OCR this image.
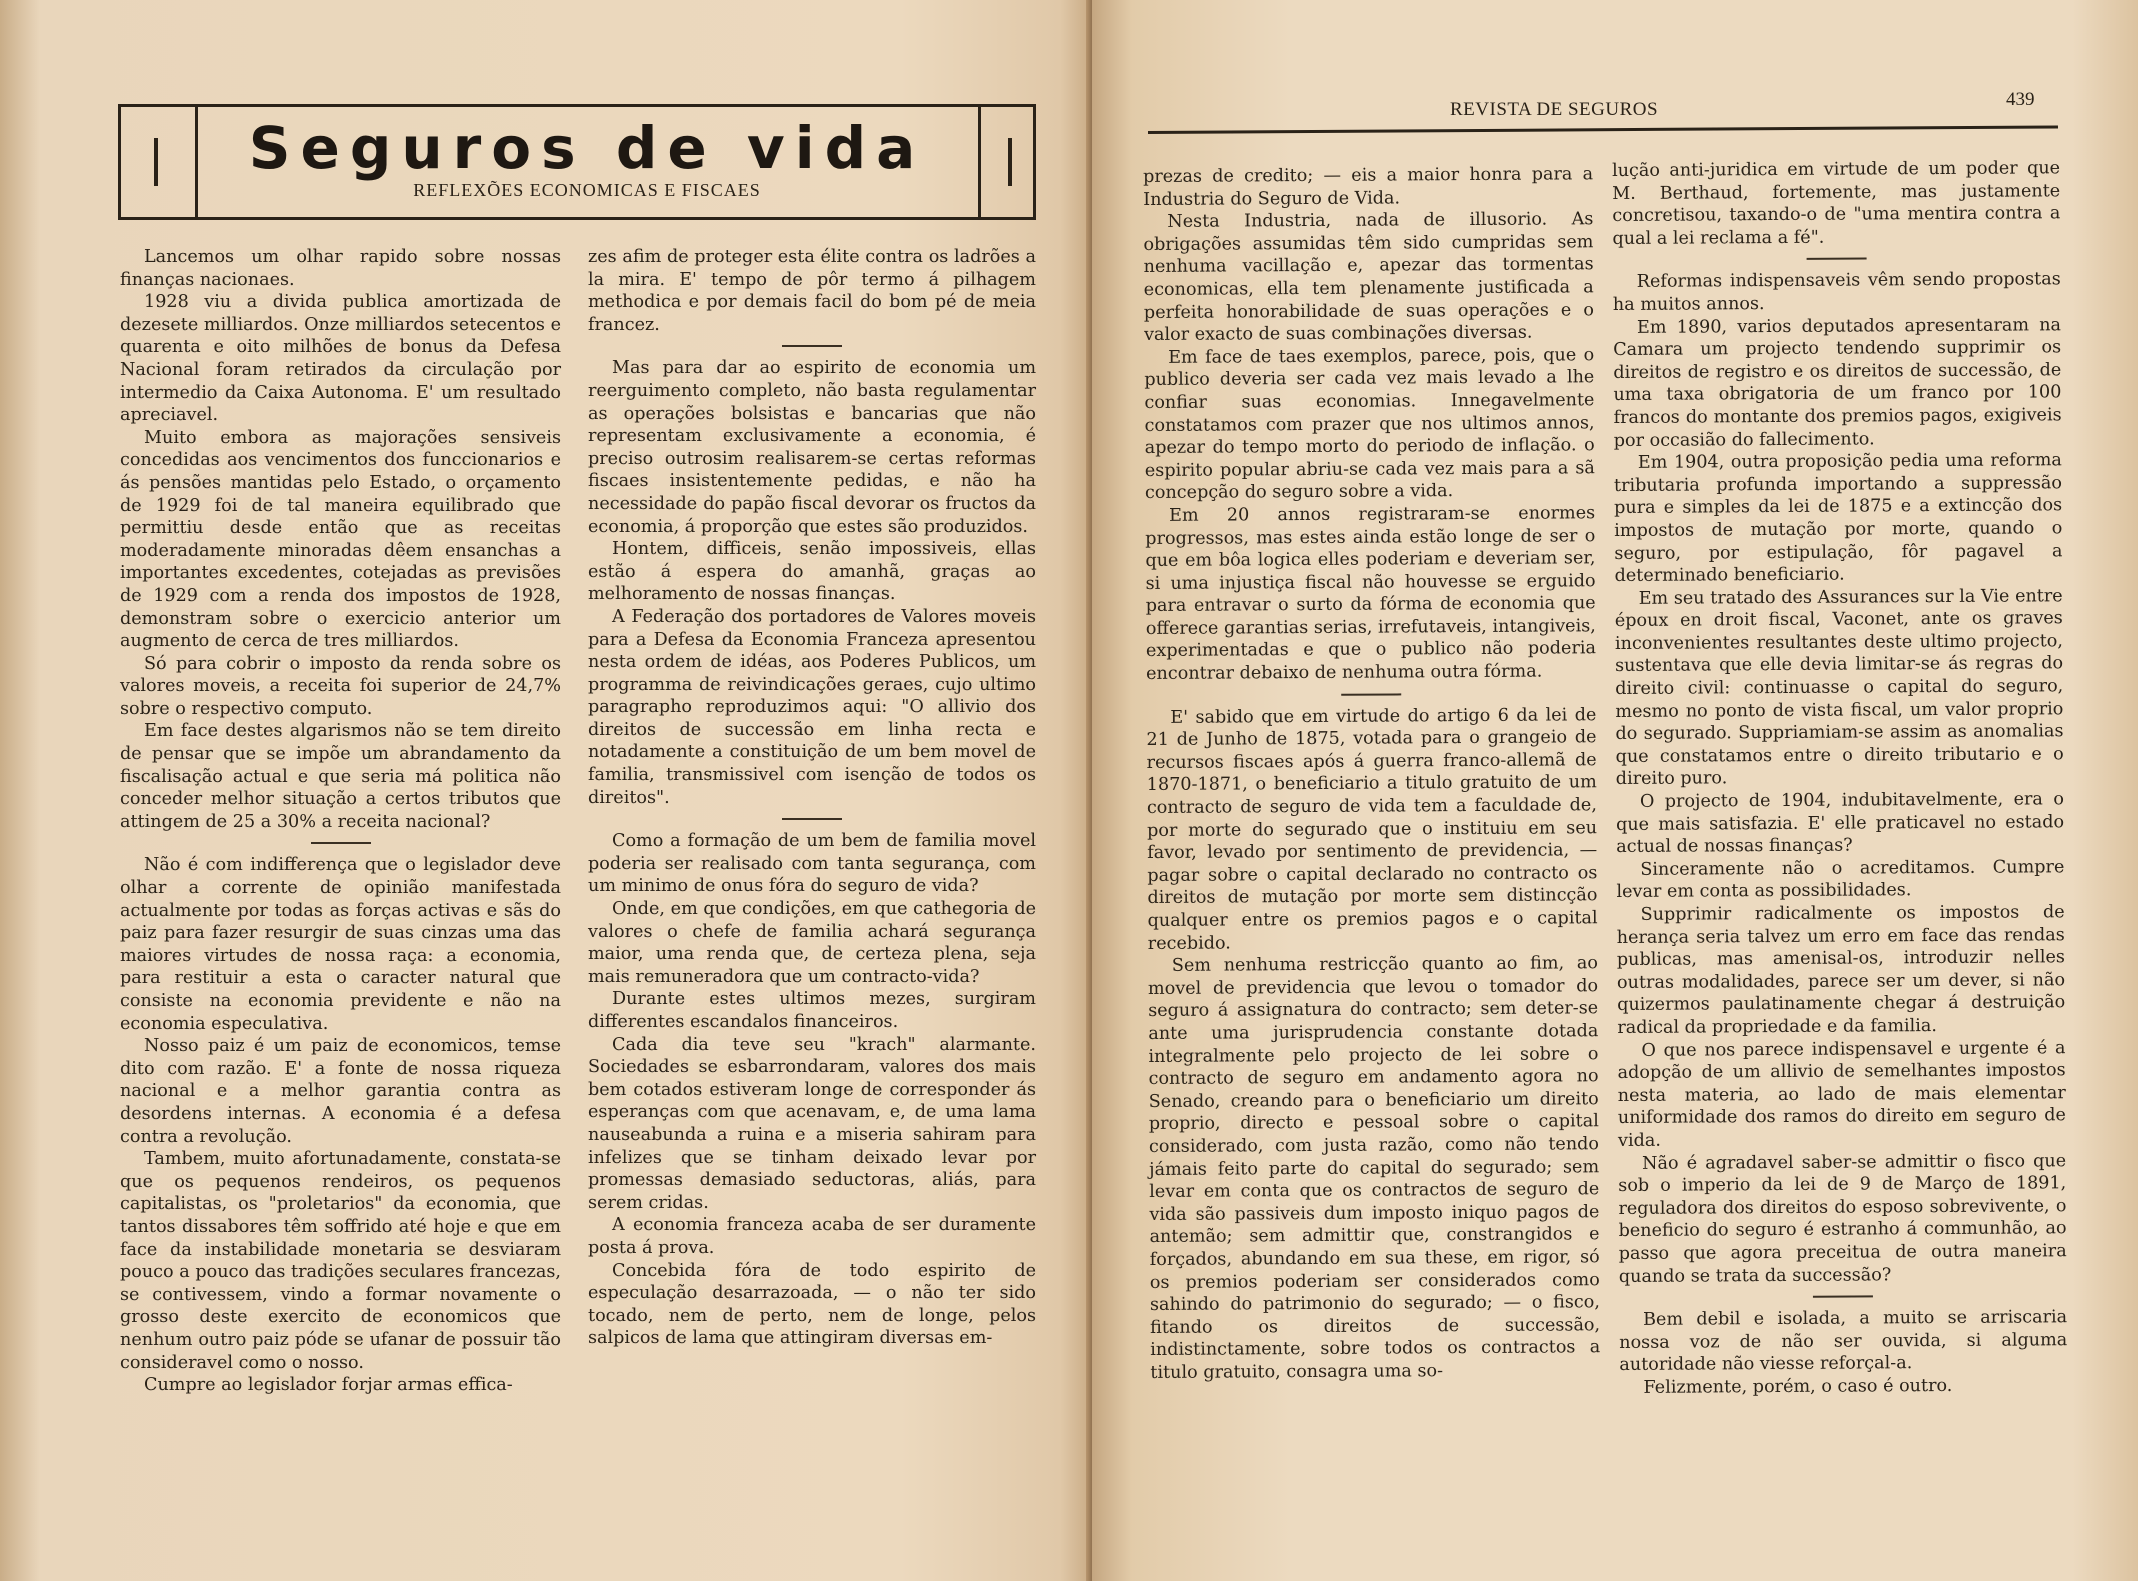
Seguros de vida
REFLEXÕES ECONOMICAS E FISCAES

Lancemos um olhar rapido sobre nossas finanças nacionaes.

1928 viu a divida publica amortizada de dezesete milliardos. Onze milliardos setecentos e quarenta e oito milhões de bonus da Defesa Nacional foram retirados da circulação por intermedio da Caixa Autonoma. E' um resultado apreciavel.

Muito embora as majorações sensiveis concedidas aos vencimentos dos funccionarios e ás pensões mantidas pelo Estado, o orçamento de 1929 foi de tal maneira equilibrado que permittiu desde então que as receitas moderadamente minoradas dêem ensanchas a importantes excedentes, cotejadas as previsões de 1929 com a renda dos impostos de 1928, demonstram sobre o exercicio anterior um augmento de cerca de tres milliardos.

Só para cobrir o imposto da renda sobre os valores moveis, a receita foi superior de 24,7% sobre o respectivo computo.

Em face destes algarismos não se tem direito de pensar que se impõe um abrandamento da fiscalisação actual e que seria má politica não conceder melhor situação a certos tributos que attingem de 25 a 30% a receita nacional?

Não é com indifferença que o legislador deve olhar a corrente de opinião manifestada actualmente por todas as forças activas e sãs do paiz para fazer resurgir de suas cinzas uma das maiores virtudes de nossa raça: a economia, para restituir a esta o caracter natural que consiste na economia previdente e não na economia especulativa.

Nosso paiz é um paiz de economicos, temse dito com razão. E' a fonte de nossa riqueza nacional e a melhor garantia contra as desordens internas. A economia é a defesa contra a revolução.

Tambem, muito afortunadamente, constata-se que os pequenos rendeiros, os pequenos capitalistas, os "proletarios" da economia, que tantos dissabores têm soffrido até hoje e que em face da instabilidade monetaria se desviaram pouco a pouco das tradições seculares francezas, se contivessem, vindo a formar novamente o grosso deste exercito de economicos que nenhum outro paiz póde se ufanar de possuir tão consideravel como o nosso.

Cumpre ao legislador forjar armas effica-

zes afim de proteger esta élite contra os ladrões a la mira. E' tempo de pôr termo á pilhagem methodica e por demais facil do bom pé de meia francez.

Mas para dar ao espirito de economia um reerguimento completo, não basta regulamentar as operações bolsistas e bancarias que não representam exclusivamente a economia, é preciso outrosim realisarem-se certas reformas fiscaes insistentemente pedidas, e não ha necessidade do papão fiscal devorar os fructos da economia, á proporção que estes são produzidos.

Hontem, difficeis, senão impossiveis, ellas estão á espera do amanhã, graças ao melhoramento de nossas finanças.

A Federação dos portadores de Valores moveis para a Defesa da Economia Franceza apresentou nesta ordem de idéas, aos Poderes Publicos, um programma de reivindicações geraes, cujo ultimo paragrapho reproduzimos aqui: "O allivio dos direitos de successão em linha recta e notadamente a constituição de um bem movel de familia, transmissivel com isenção de todos os direitos".

Como a formação de um bem de familia movel poderia ser realisado com tanta segurança, com um minimo de onus fóra do seguro de vida?

Onde, em que condições, em que cathegoria de valores o chefe de familia achará segurança maior, uma renda que, de certeza plena, seja mais remuneradora que um contracto-vida?

Durante estes ultimos mezes, surgiram differentes escandalos financeiros.

Cada dia teve seu "krach" alarmante. Sociedades se esbarrondaram, valores dos mais bem cotados estiveram longe de corresponder ás esperanças com que acenavam, e, de uma lama nauseabunda a ruina e a miseria sahiram para infelizes que se tinham deixado levar por promessas demasiado seductoras, aliás, para serem cridas.

A economia franceza acaba de ser duramente posta á prova.

Concebida fóra de todo espirito de especulação desarrazoada, — o não ter sido tocado, nem de perto, nem de longe, pelos salpicos de lama que attingiram diversas em-

REVISTA DE SEGUROS	439

prezas de credito; — eis a maior honra para a Industria do Seguro de Vida.

Nesta Industria, nada de illusorio. As obrigações assumidas têm sido cumpridas sem nenhuma vacillação e, apezar das tormentas economicas, ella tem plenamente justificada a perfeita honorabilidade de suas operações e o valor exacto de suas combinações diversas.

Em face de taes exemplos, parece, pois, que o publico deveria ser cada vez mais levado a lhe confiar suas economias. Innegavelmente constatamos com prazer que nos ultimos annos, apezar do tempo morto do periodo de inflação. o espirito popular abriu-se cada vez mais para a sã concepção do seguro sobre a vida.

Em 20 annos registraram-se enormes progressos, mas estes ainda estão longe de ser o que em bôa logica elles poderiam e deveriam ser, si uma injustiça fiscal não houvesse se erguido para entravar o surto da fórma de economia que offerece garantias serias, irrefutaveis, intangiveis, experimentadas e que o publico não poderia encontrar debaixo de nenhuma outra fórma.

E' sabido que em virtude do artigo 6 da lei de 21 de Junho de 1875, votada para o grangeio de recursos fiscaes após á guerra franco-allemã de 1870-1871, o beneficiario a titulo gratuito de um contracto de seguro de vida tem a faculdade de, por morte do segurado que o instituiu em seu favor, levado por sentimento de previdencia, — pagar sobre o capital declarado no contracto os direitos de mutação por morte sem distincção qualquer entre os premios pagos e o capital recebido.

Sem nenhuma restricção quanto ao fim, ao movel de previdencia que levou o tomador do seguro á assignatura do contracto; sem deter-se ante uma jurisprudencia constante dotada integralmente pelo projecto de lei sobre o contracto de seguro em andamento agora no Senado, creando para o beneficiario um direito proprio, directo e pessoal sobre o capital considerado, com justa razão, como não tendo jámais feito parte do capital do segurado; sem levar em conta que os contractos de seguro de vida são passiveis dum imposto iniquo pagos de antemão; sem admittir que, constrangidos e forçados, abundando em sua these, em rigor, só os premios poderiam ser considerados como sahindo do patrimonio do segurado; — o fisco, fitando os direitos de successão, indistinctamente, sobre todos os contractos a titulo gratuito, consagra uma so-

lução anti-juridica em virtude de um poder que M. Berthaud, fortemente, mas justamente concretisou, taxando-o de "uma mentira contra a qual a lei reclama a fé".

Reformas indispensaveis vêm sendo propostas ha muitos annos.

Em 1890, varios deputados apresentaram na Camara um projecto tendendo supprimir os direitos de registro e os direitos de successão, de uma taxa obrigatoria de um franco por 100 francos do montante dos premios pagos, exigiveis por occasião do fallecimento.

Em 1904, outra proposição pedia uma reforma tributaria profunda importando a suppressão pura e simples da lei de 1875 e a extincção dos impostos de mutação por morte, quando o seguro, por estipulação, fôr pagavel a determinado beneficiario.

Em seu tratado des Assurances sur la Vie entre époux en droit fiscal, Vaconet, ante os graves inconvenientes resultantes deste ultimo projecto, sustentava que elle devia limitar-se ás regras do direito civil: continuasse o capital do seguro, mesmo no ponto de vista fiscal, um valor proprio do segurado. Suppriamiam-se assim as anomalias que constatamos entre o direito tributario e o direito puro.

O projecto de 1904, indubitavelmente, era o que mais satisfazia. E' elle praticavel no estado actual de nossas finanças?

Sinceramente não o acreditamos. Cumpre levar em conta as possibilidades.

Supprimir radicalmente os impostos de herança seria talvez um erro em face das rendas publicas, mas amenisal-os, introduzir nelles outras modalidades, parece ser um dever, si não quizermos paulatinamente chegar á destruição radical da propriedade e da familia.

O que nos parece indispensavel e urgente é a adopção de um allivio de semelhantes impostos nesta materia, ao lado de mais elementar uniformidade dos ramos do direito em seguro de vida.

Não é agradavel saber-se admittir o fisco que sob o imperio da lei de 9 de Março de 1891, reguladora dos direitos do esposo sobrevivente, o beneficio do seguro é estranho á communhão, ao passo que agora preceitua de outra maneira quando se trata da successão?

Bem debil e isolada, a muito se arriscaria nossa voz de não ser ouvida, si alguma autoridade não viesse reforçal-a.

Felizmente, porém, o caso é outro.
